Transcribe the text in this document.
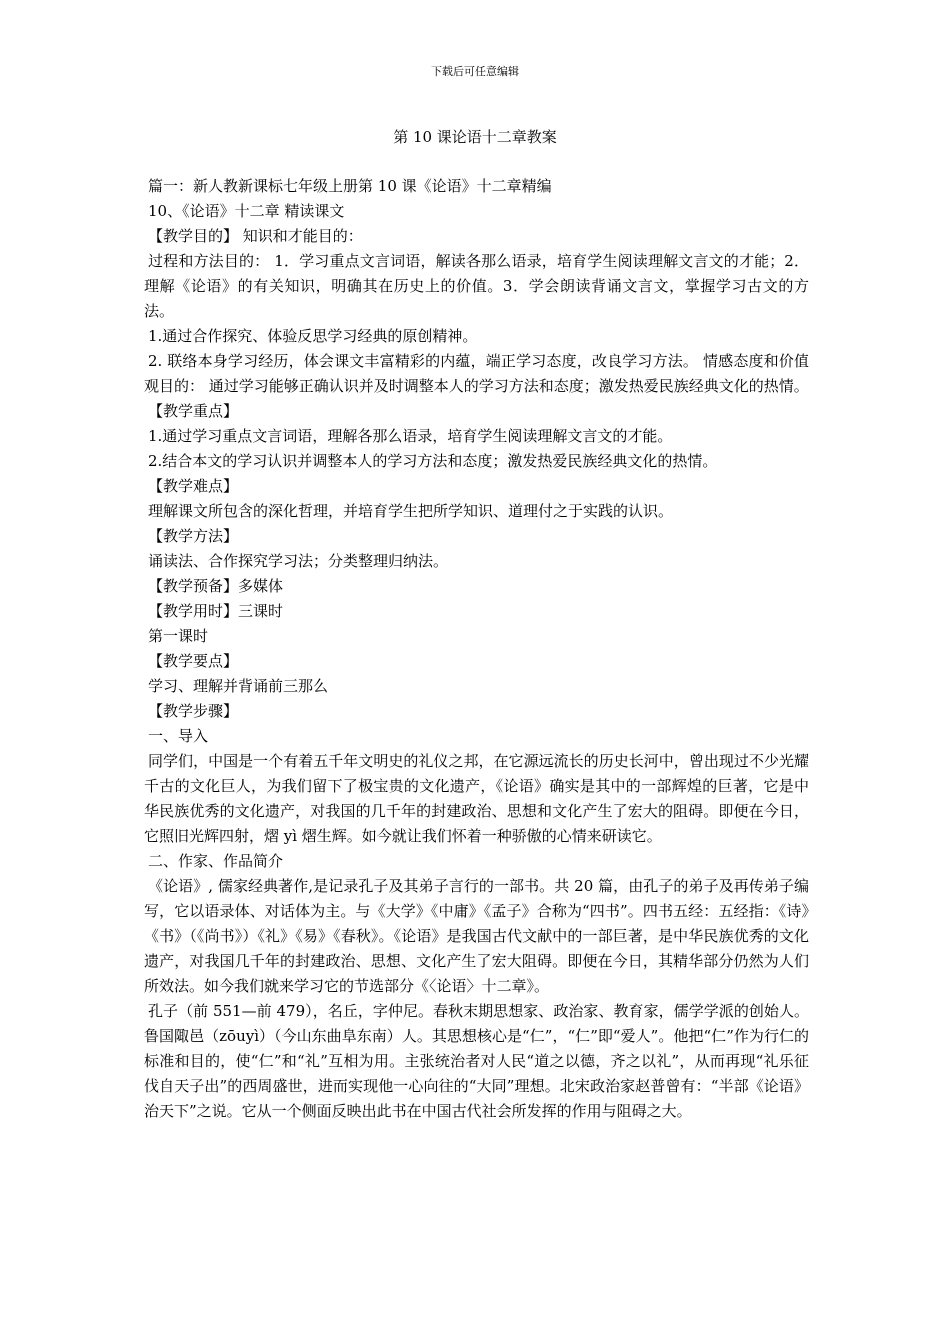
下载后可任意编辑
第 10 课论语十二章教案

篇一：新人教新课标七年级上册第 10 课《论语》十二章精编

10、《论语》十二章 精读课文

【教学目的】 知识和才能目的：

过程和方法目的： 1．学习重点文言词语，解读各那么语录，培育学生阅读理解文言文的才能；2．理解《论语》的有关知识，明确其在历史上的价值。3．学会朗读背诵文言文，掌握学习古文的方法。

1.通过合作探究、体验反思学习经典的原创精神。

2. 联络本身学习经历，体会课文丰富精彩的内蕴，端正学习态度，改良学习方法。 情感态度和价值观目的： 通过学习能够正确认识并及时调整本人的学习方法和态度；激发热爱民族经典文化的热情。

【教学重点】

1.通过学习重点文言词语，理解各那么语录，培育学生阅读理解文言文的才能。

2.结合本文的学习认识并调整本人的学习方法和态度；激发热爱民族经典文化的热情。

【教学难点】

理解课文所包含的深化哲理，并培育学生把所学知识、道理付之于实践的认识。

【教学方法】

诵读法、合作探究学习法；分类整理归纳法。

【教学预备】多媒体

【教学用时】三课时

第一课时

【教学要点】

学习、理解并背诵前三那么

【教学步骤】

一、导入

同学们，中国是一个有着五千年文明史的礼仪之邦，在它源远流长的历史长河中，曾出现过不少光耀千古的文化巨人，为我们留下了极宝贵的文化遗产，《论语》确实是其中的一部辉煌的巨著，它是中华民族优秀的文化遗产，对我国的几千年的封建政治、思想和文化产生了宏大的阻碍。即便在今日，它照旧光辉四射，熠 yì 熠生辉。如今就让我们怀着一种骄傲的心情来研读它。

二、作家、作品简介

《论语》, 儒家经典著作,是记录孔子及其弟子言行的一部书。共 20 篇，由孔子的弟子及再传弟子编写，它以语录体、对话体为主。与《大学》《中庸》《孟子》合称为“四书”。四书五经：五经指：《诗》《书》（《尚书》）《礼》《易》《春秋》。《论语》是我国古代文献中的一部巨著，是中华民族优秀的文化遗产，对我国几千年的封建政治、思想、文化产生了宏大阻碍。即便在今日，其精华部分仍然为人们所效法。如今我们就来学习它的节选部分《〈论语〉十二章》。

孔子（前 551—前 479），名丘，字仲尼。春秋末期思想家、政治家、教育家，儒学学派的创始人。鲁国陬邑（zōuyì）（今山东曲阜东南）人。其思想核心是“仁”，“仁”即“爱人”。他把“仁”作为行仁的标准和目的，使“仁”和“礼”互相为用。主张统治者对人民“道之以德，齐之以礼”，从而再现“礼乐征伐自天子出”的西周盛世，进而实现他一心向往的“大同”理想。北宋政治家赵普曾有：“半部《论语》治天下”之说。它从一个侧面反映出此书在中国古代社会所发挥的作用与阻碍之大。
